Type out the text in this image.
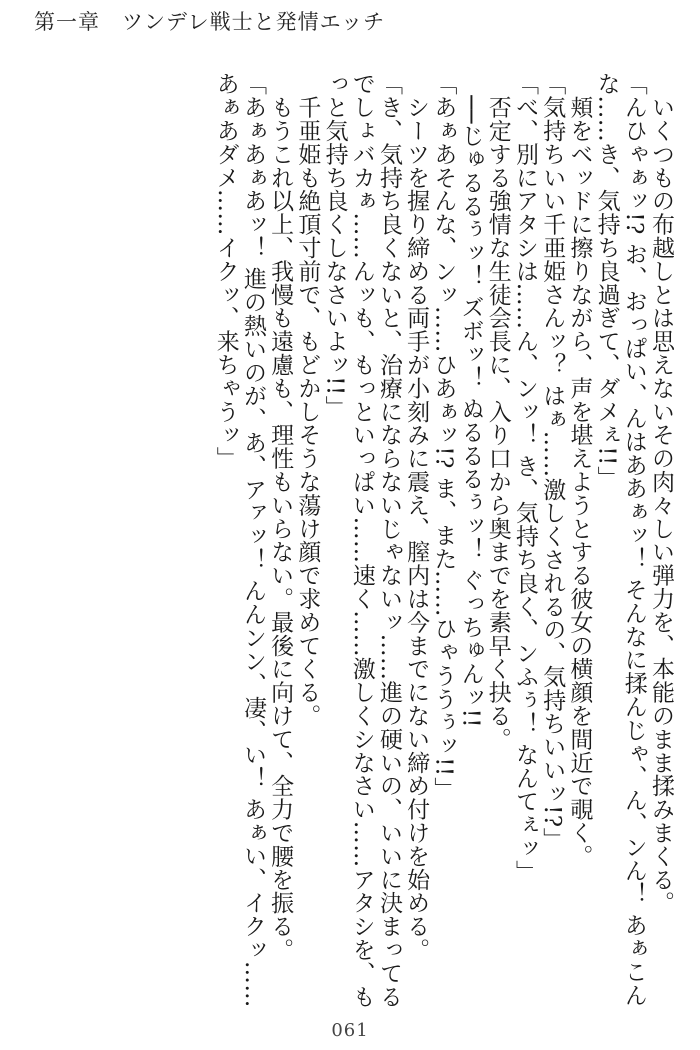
第一章　ツンデレ戦士と発情エッチ

　いくつもの布越しとは思えないその肉々しい弾力を、本能のまま揉みまくる。

「んひゃぁッ!? お、おっぱい、んはああぁッ！ そんなに揉んじゃ、ん、ンん！ あぁこんな……き、気持ち良過ぎて、ダメぇ!!」

　頬をベッドに擦りながら、声を堪えようとする彼女の横顔を間近で覗く。

「気持ちいい千亜姫さんッ？ はぁ……激しくされるの、気持ちいいッ!?」

「べ、別にアタシは……ん、ンッ！ き、気持ち良く、ンふぅ！ なんてぇッ」

　否定する強情な生徒会長に、入り口から奥までを素早く抉る。

　──じゅるるぅッ！ ズボッ！ ぬるるるぅッ！ ぐっちゅんッ!!

「あぁあそんな、ンッ……ひあぁッ!? ま、また……ひゃううぅッ!!」

　シーツを握り締める両手が小刻みに震え、膣内は今までにない締め付けを始める。

「き、気持ち良くないと、治療にならないじゃないッ……進の硬いの、いいに決まってるでしょバカぁ……んッも、もっといっぱい……速く……激しくシなさい……アタシを、もっと気持ち良くしなさいよッ!!」

　千亜姫も絶頂寸前で、もどかしそうな蕩け顔で求めてくる。

　もうこれ以上、我慢も遠慮も、理性もいらない。最後に向けて、全力で腰を振る。

「あぁあぁあッ！ 進の熱いのが、あ、アァッ！ んんンン、凄、い！ あぁい、イクッ……あぁあダメ……イクッ、来ちゃうッ」

061
